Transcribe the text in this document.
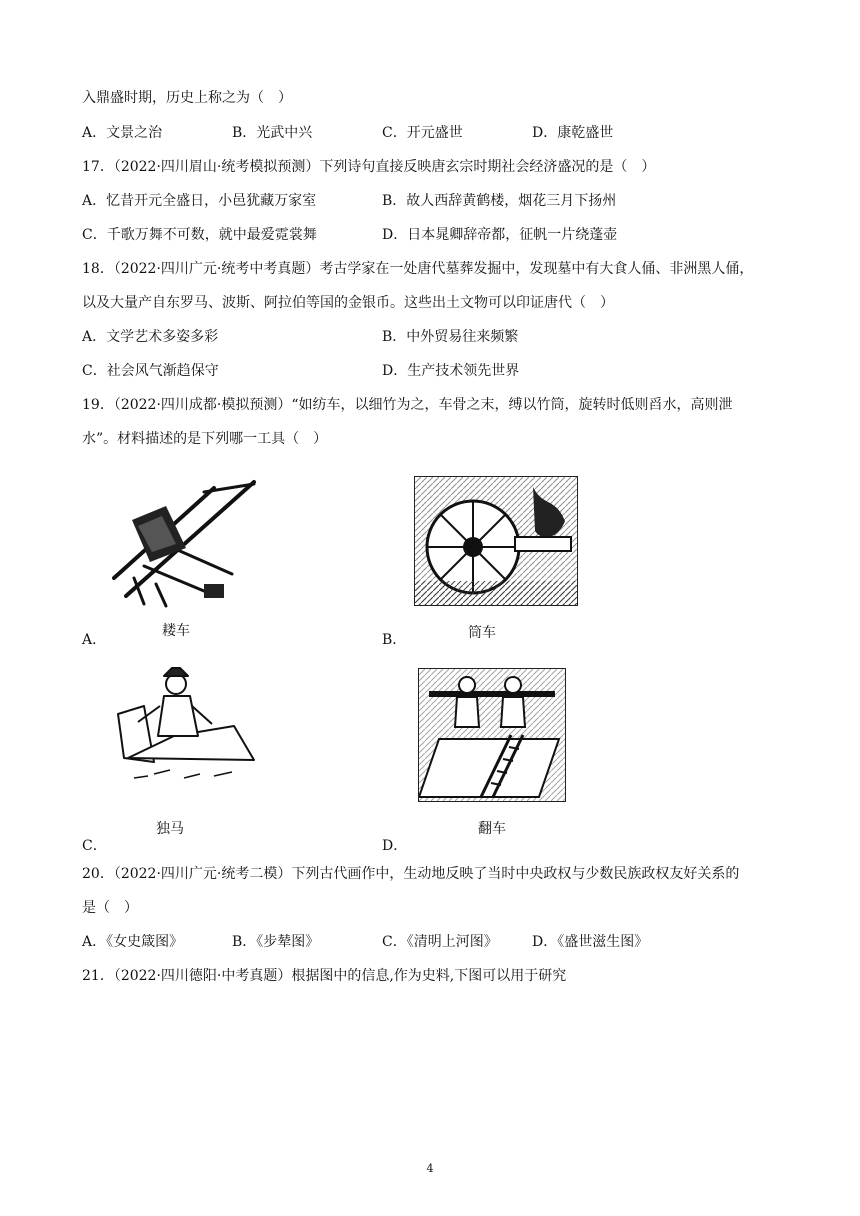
入鼎盛时期，历史上称之为（　）
A．文景之治	B．光武中兴	C．开元盛世	D．康乾盛世
17．（2022·四川眉山·统考模拟预测）下列诗句直接反映唐玄宗时期社会经济盛况的是（　）
A．忆昔开元全盛日，小邑犹藏万家室	B．故人西辞黄鹤楼，烟花三月下扬州
C．千歌万舞不可数，就中最爱霓裳舞	D．日本晁卿辞帝都，征帆一片绕蓬壶
18．（2022·四川广元·统考中考真题）考古学家在一处唐代墓葬发掘中，发现墓中有大食人俑、非洲黑人俑，
以及大量产自东罗马、波斯、阿拉伯等国的金银币。这些出土文物可以印证唐代（　）
A．文学艺术多姿多彩	B．中外贸易往来频繁
C．社会风气渐趋保守	D．生产技术领先世界
19．（2022·四川成都·模拟预测）“如纺车，以细竹为之，车骨之末，缚以竹筒，旋转时低则舀水，高则泄
水”。材料描述的是下列哪一工具（　）
A．
耧车
B．	筒车
C．
独马
D．
翻车
20．（2022·四川广元·统考二模）下列古代画作中，生动地反映了当时中央政权与少数民族政权友好关系的
是（　）
A．《女史箴图》	B．《步辇图》	C．《清明上河图》 D．《盛世滋生图》
21．（2022·四川德阳·中考真题）根据图中的信息,作为史料,下图可以用于研究
4
